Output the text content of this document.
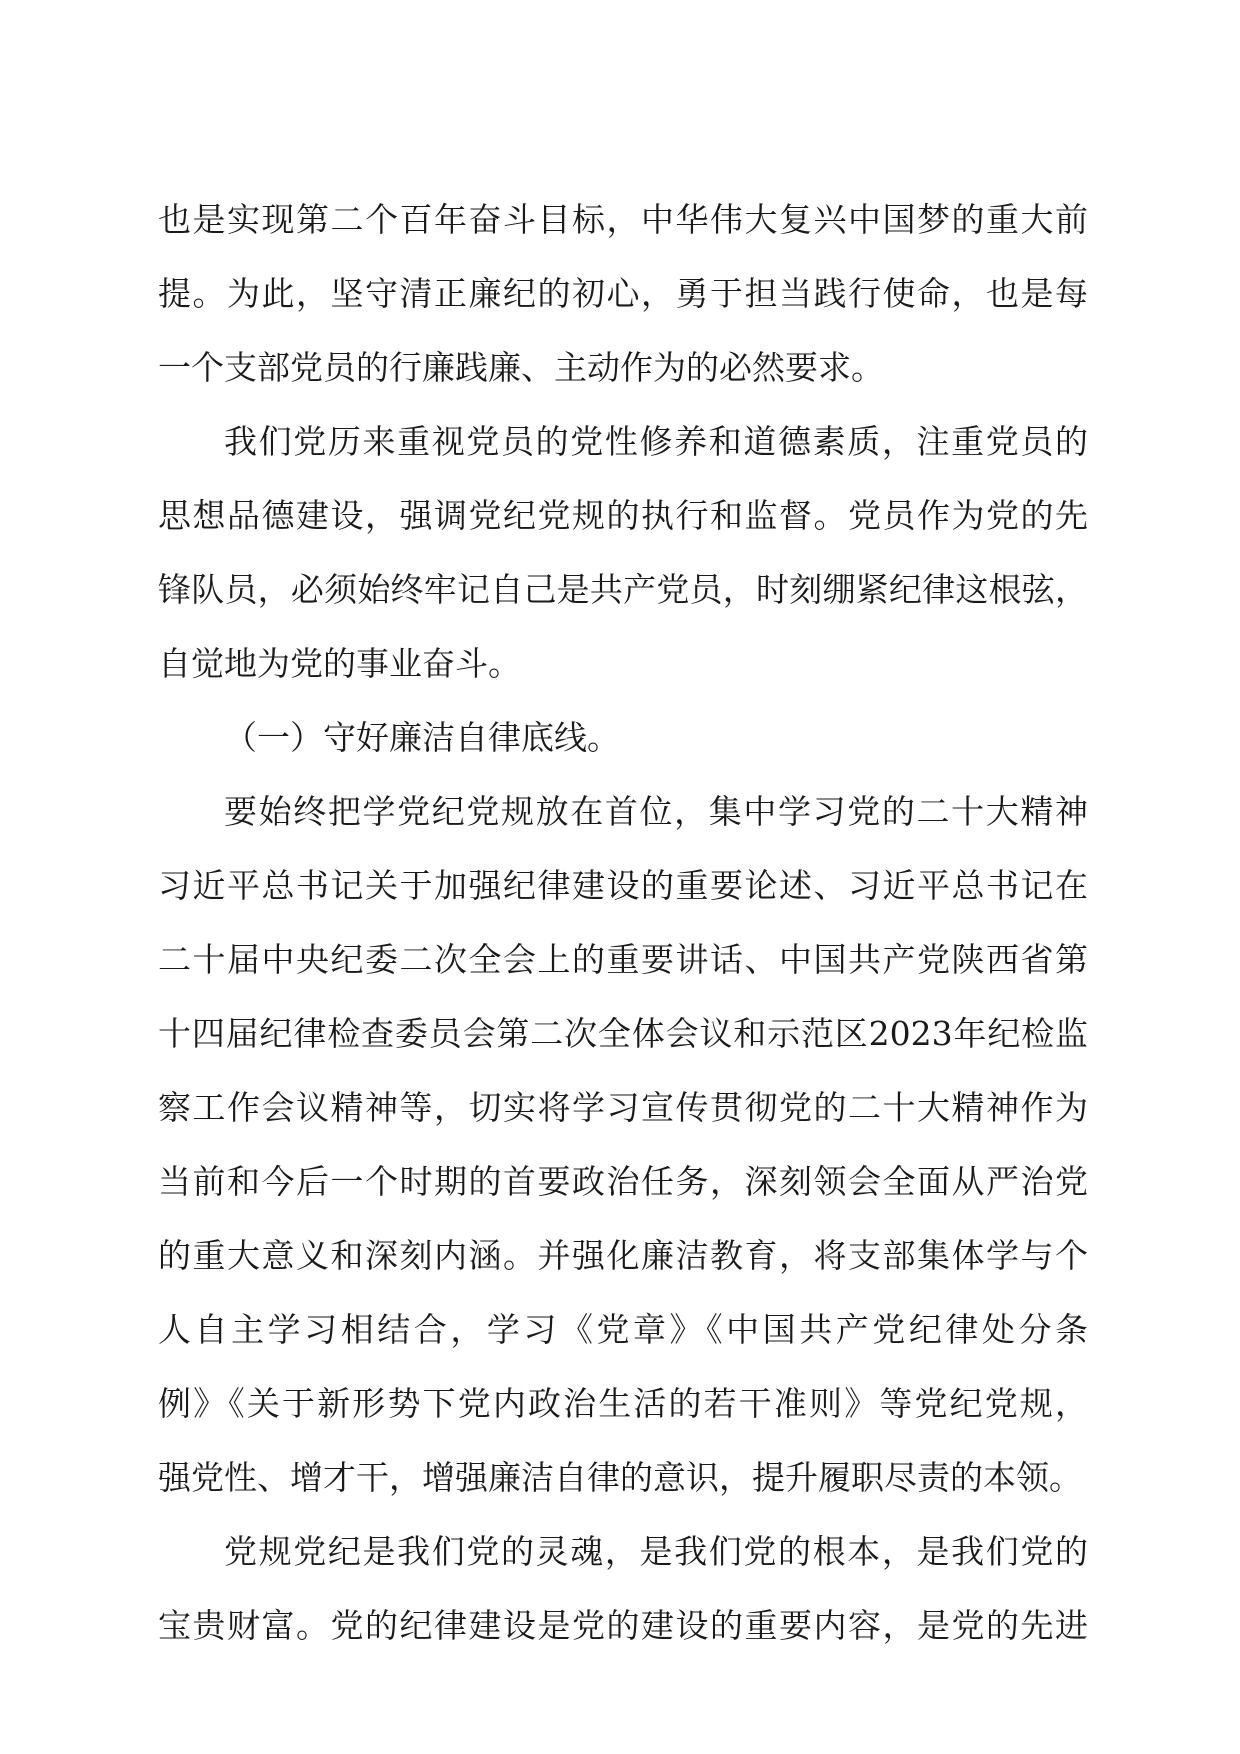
也是实现第二个百年奋斗目标，中华伟大复兴中国梦的重大前
提。为此，坚守清正廉纪的初心，勇于担当践行使命，也是每
一个支部党员的行廉践廉、主动作为的必然要求。
我们党历来重视党员的党性修养和道德素质，注重党员的
思想品德建设，强调党纪党规的执行和监督。党员作为党的先
锋队员，必须始终牢记自己是共产党员，时刻绷紧纪律这根弦，
自觉地为党的事业奋斗。
（一）守好廉洁自律底线。
要始终把学党纪党规放在首位，集中学习党的二十大精神
习近平总书记关于加强纪律建设的重要论述、习近平总书记在
二十届中央纪委二次全会上的重要讲话、中国共产党陕西省第
十四届纪律检查委员会第二次全体会议和示范区2023年纪检监
察工作会议精神等，切实将学习宣传贯彻党的二十大精神作为
当前和今后一个时期的首要政治任务，深刻领会全面从严治党
的重大意义和深刻内涵。并强化廉洁教育，将支部集体学与个
人自主学习相结合，学习《党章》《中国共产党纪律处分条
例》《关于新形势下党内政治生活的若干准则》等党纪党规，
强党性、增才干，增强廉洁自律的意识，提升履职尽责的本领。
党规党纪是我们党的灵魂，是我们党的根本，是我们党的
宝贵财富。党的纪律建设是党的建设的重要内容，是党的先进
